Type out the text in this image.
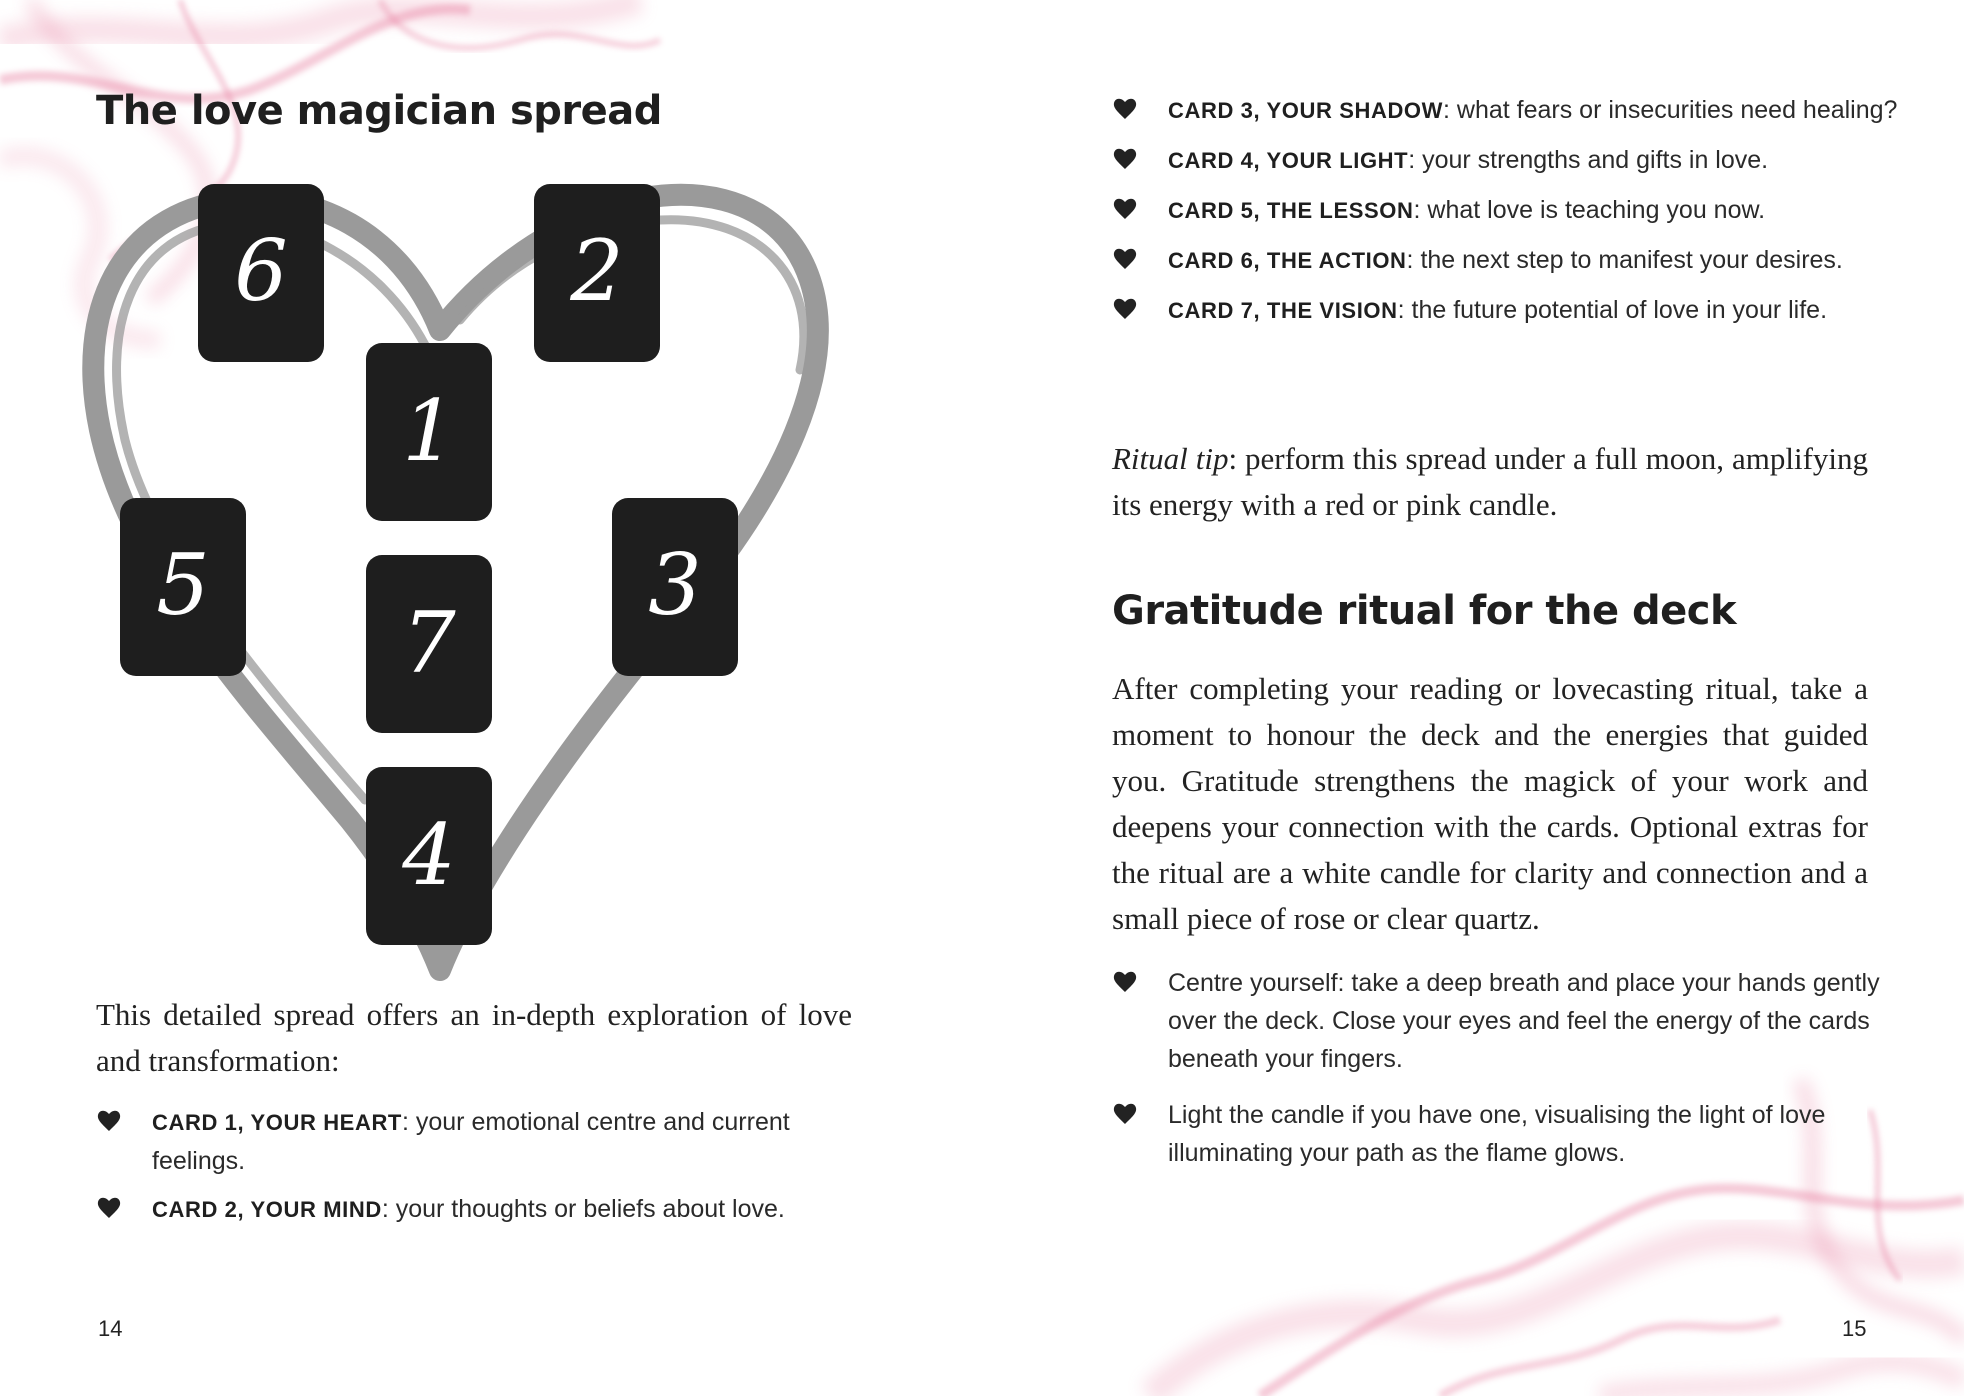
The love magician spread
6	2
1
5	3
7
4

This detailed spread offers an in-depth exploration of love and transformation:

CARD 1, YOUR HEART: your emotional centre and current feelings.
CARD 2, YOUR MIND: your thoughts or beliefs about love.
14
CARD 3, YOUR SHADOW: what fears or insecurities need healing?
CARD 4, YOUR LIGHT: your strengths and gifts in love.
CARD 5, THE LESSON: what love is teaching you now.
CARD 6, THE ACTION: the next step to manifest your desires.
CARD 7, THE VISION: the future potential of love in your life.

Ritual tip: perform this spread under a full moon, amplifying its energy with a red or pink candle.

Gratitude ritual for the deck

After completing your reading or lovecasting ritual, take a moment to honour the deck and the energies that guided you. Gratitude strengthens the magick of your work and deepens your connection with the cards. Optional extras for the ritual are a white candle for clarity and connection and a small piece of rose or clear quartz.

Centre yourself: take a deep breath and place your hands gently over the deck. Close your eyes and feel the energy of the cards beneath your fingers.
Light the candle if you have one, visualising the light of love illuminating your path as the flame glows.
15
